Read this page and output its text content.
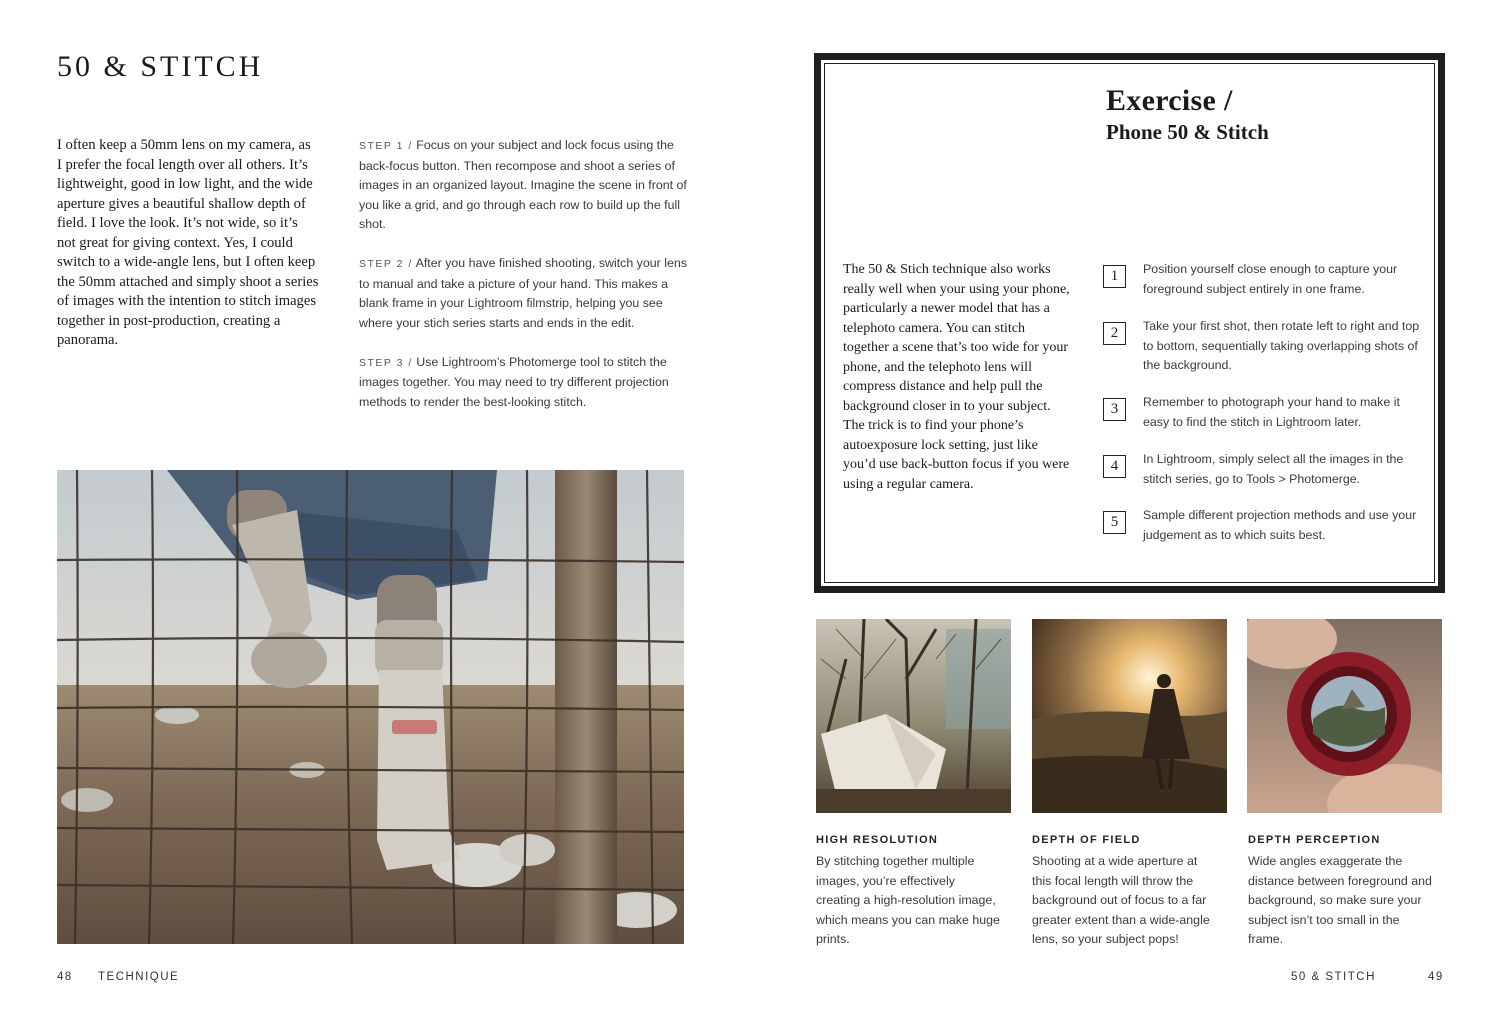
50 & STITCH
I often keep a 50mm lens on my camera, as I prefer the focal length over all others. It’s lightweight, good in low light, and the wide aperture gives a beautiful shallow depth of field. I love the look. It’s not wide, so it’s not great for giving context. Yes, I could switch to a wide-angle lens, but I often keep the 50mm attached and simply shoot a series of images with the intention to stitch images together in post-production, creating a panorama.
STEP 1 / Focus on your subject and lock focus using the back-focus button. Then recompose and shoot a series of images in an organized layout. Imagine the scene in front of you like a grid, and go through each row to build up the full shot.
STEP 2 / After you have finished shooting, switch your lens to manual and take a picture of your hand. This makes a blank frame in your Lightroom filmstrip, helping you see where your stich series starts and ends in the edit.
STEP 3 / Use Lightroom’s Photomerge tool to stitch the images together. You may need to try different projection methods to render the best-looking stitch.
48 TECHNIQUE
Exercise /
Phone 50 & Stitch
The 50 & Stich technique also works really well when your using your phone, particularly a newer model that has a telephoto camera. You can stitch together a scene that’s too wide for your phone, and the telephoto lens will compress distance and help pull the background closer in to your subject. The trick is to find your phone’s autoexposure lock setting, just like you’d use back-button focus if you were using a regular camera.
1	Position yourself close enough to capture your foreground subject entirely in one frame.
2	Take your first shot, then rotate left to right and top to bottom, sequentially taking overlapping shots of the background.
3	Remember to photograph your hand to make it easy to find the stitch in Lightroom later.
4	In Lightroom, simply select all the images in the stitch series, go to Tools > Photomerge.
5	Sample different projection methods and use your judgement as to which suits best.
HIGH RESOLUTION
By stitching together multiple images, you’re effectively creating a high-resolution image, which means you can make huge prints.
DEPTH OF FIELD
Shooting at a wide aperture at this focal length will throw the background out of focus to a far greater extent than a wide-angle lens, so your subject pops!
DEPTH PERCEPTION
Wide angles exaggerate the distance between foreground and background, so make sure your subject isn’t too small in the frame.
50 & STITCH	49
